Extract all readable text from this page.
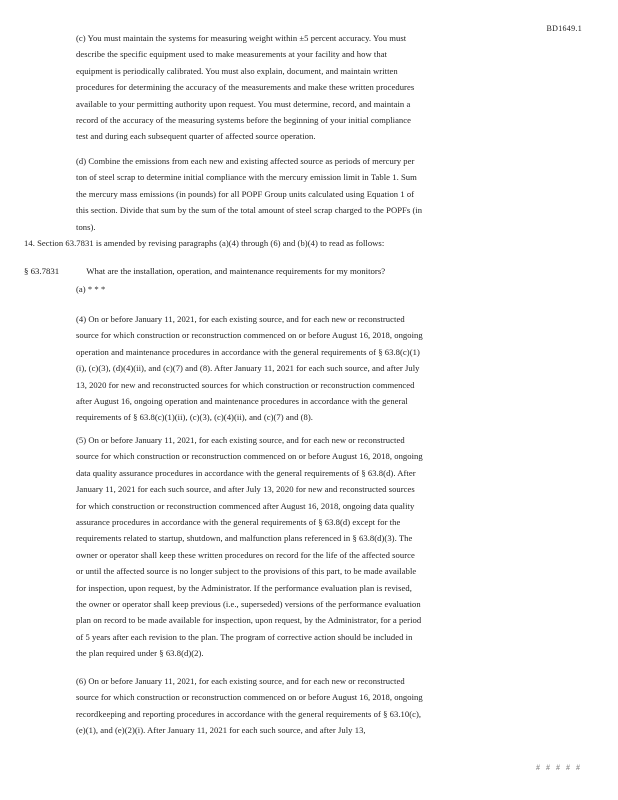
BD1649.1
(c) You must maintain the systems for measuring weight within ±5 percent accuracy. You must
describe the specific equipment used to make measurements at your facility and how that
equipment is periodically calibrated. You must also explain, document, and maintain written
procedures for determining the accuracy of the measurements and make these written procedures
available to your permitting authority upon request. You must determine, record, and maintain a
record of the accuracy of the measuring systems before the beginning of your initial compliance
test and during each subsequent quarter of affected source operation.
(d) Combine the emissions from each new and existing affected source as periods of mercury per
ton of steel scrap to determine initial compliance with the mercury emission limit in Table 1. Sum
the mercury mass emissions (in pounds) for all POPF Group units calculated using Equation 1 of
this section. Divide that sum by the sum of the total amount of steel scrap charged to the POPFs (in
tons).
14. Section 63.7831 is amended by revising paragraphs (a)(4) through (6) and (b)(4) to read as follows:
§ 63.7831	What are the installation, operation, and maintenance requirements for my monitors?
(a) * * *
(4) On or before January 11, 2021, for each existing source, and for each new or reconstructed
source for which construction or reconstruction commenced on or before August 16, 2018, ongoing
operation and maintenance procedures in accordance with the general requirements of § 63.8(c)(1)
(i), (c)(3), (d)(4)(ii), and (c)(7) and (8). After January 11, 2021 for each such source, and after July
13, 2020 for new and reconstructed sources for which construction or reconstruction commenced
after August 16, ongoing operation and maintenance procedures in accordance with the general
requirements of § 63.8(c)(1)(ii), (c)(3), (c)(4)(ii), and (c)(7) and (8).
(5) On or before January 11, 2021, for each existing source, and for each new or reconstructed
source for which construction or reconstruction commenced on or before August 16, 2018, ongoing
data quality assurance procedures in accordance with the general requirements of § 63.8(d). After
January 11, 2021 for each such source, and after July 13, 2020 for new and reconstructed sources
for which construction or reconstruction commenced after August 16, 2018, ongoing data quality
assurance procedures in accordance with the general requirements of § 63.8(d) except for the
requirements related to startup, shutdown, and malfunction plans referenced in § 63.8(d)(3). The
owner or operator shall keep these written procedures on record for the life of the affected source
or until the affected source is no longer subject to the provisions of this part, to be made available
for inspection, upon request, by the Administrator. If the performance evaluation plan is revised,
the owner or operator shall keep previous (i.e., superseded) versions of the performance evaluation
plan on record to be made available for inspection, upon request, by the Administrator, for a period
of 5 years after each revision to the plan. The program of corrective action should be included in
the plan required under § 63.8(d)(2).
(6) On or before January 11, 2021, for each existing source, and for each new or reconstructed
source for which construction or reconstruction commenced on or before August 16, 2018, ongoing
recordkeeping and reporting procedures in accordance with the general requirements of § 63.10(c),
(e)(1), and (e)(2)(i). After January 11, 2021 for each such source, and after July 13,
# # # # #
